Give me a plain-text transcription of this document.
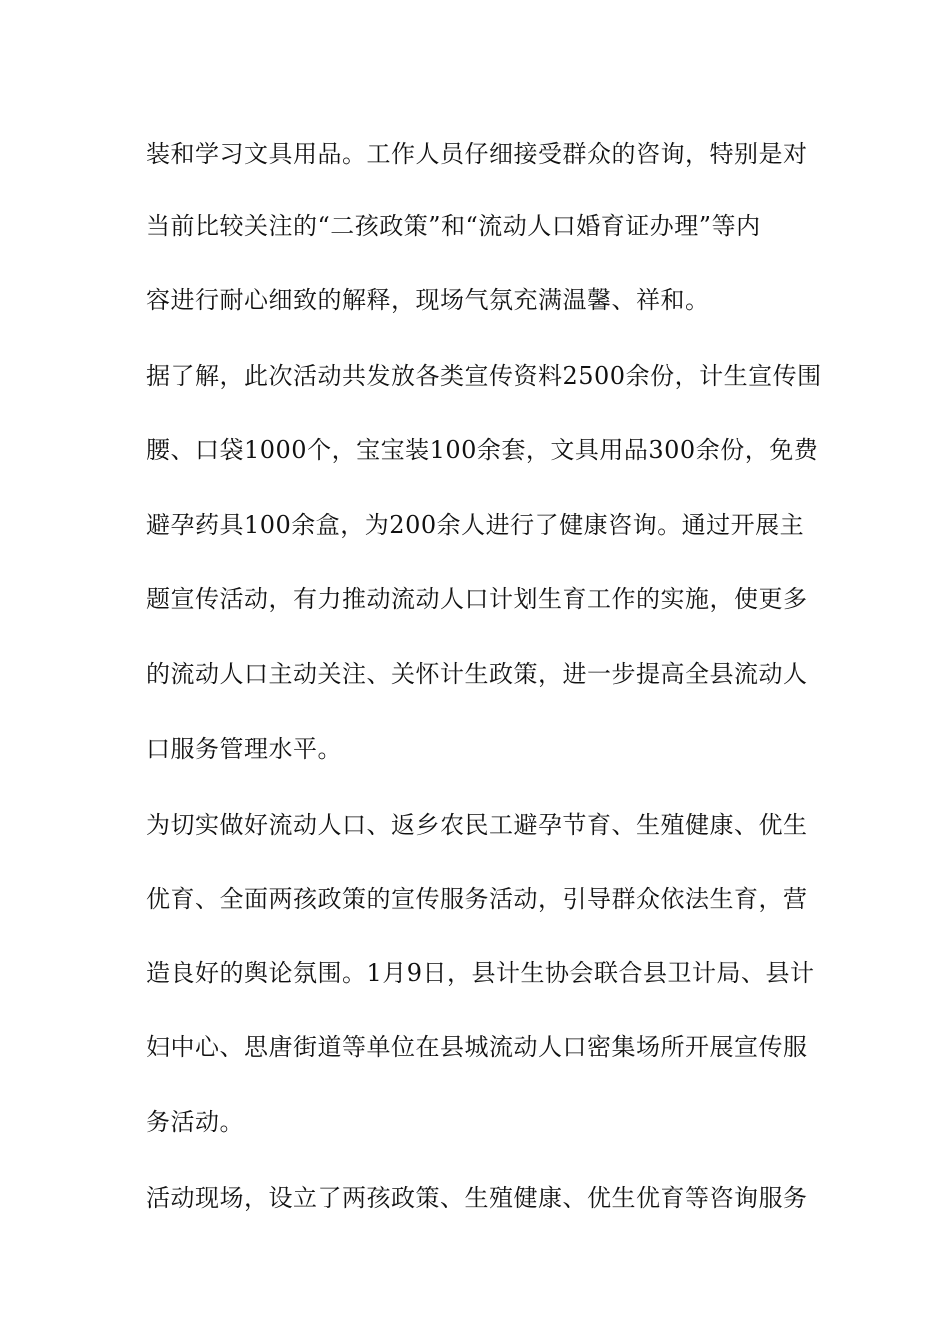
装和学习文具用品。工作人员仔细接受群众的咨询，特别是对
当前比较关注的“二孩政策”和“流动人口婚育证办理”等内
容进行耐心细致的解释，现场气氛充满温馨、祥和。
据了解，此次活动共发放各类宣传资料2500余份，计生宣传围
腰、口袋1000个，宝宝装100余套，文具用品300余份，免费
避孕药具100余盒，为200余人进行了健康咨询。通过开展主
题宣传活动，有力推动流动人口计划生育工作的实施，使更多
的流动人口主动关注、关怀计生政策，进一步提高全县流动人
口服务管理水平。
为切实做好流动人口、返乡农民工避孕节育、生殖健康、优生
优育、全面两孩政策的宣传服务活动，引导群众依法生育，营
造良好的舆论氛围。1月9日，县计生协会联合县卫计局、县计
妇中心、思唐街道等单位在县城流动人口密集场所开展宣传服
务活动。
活动现场，设立了两孩政策、生殖健康、优生优育等咨询服务
